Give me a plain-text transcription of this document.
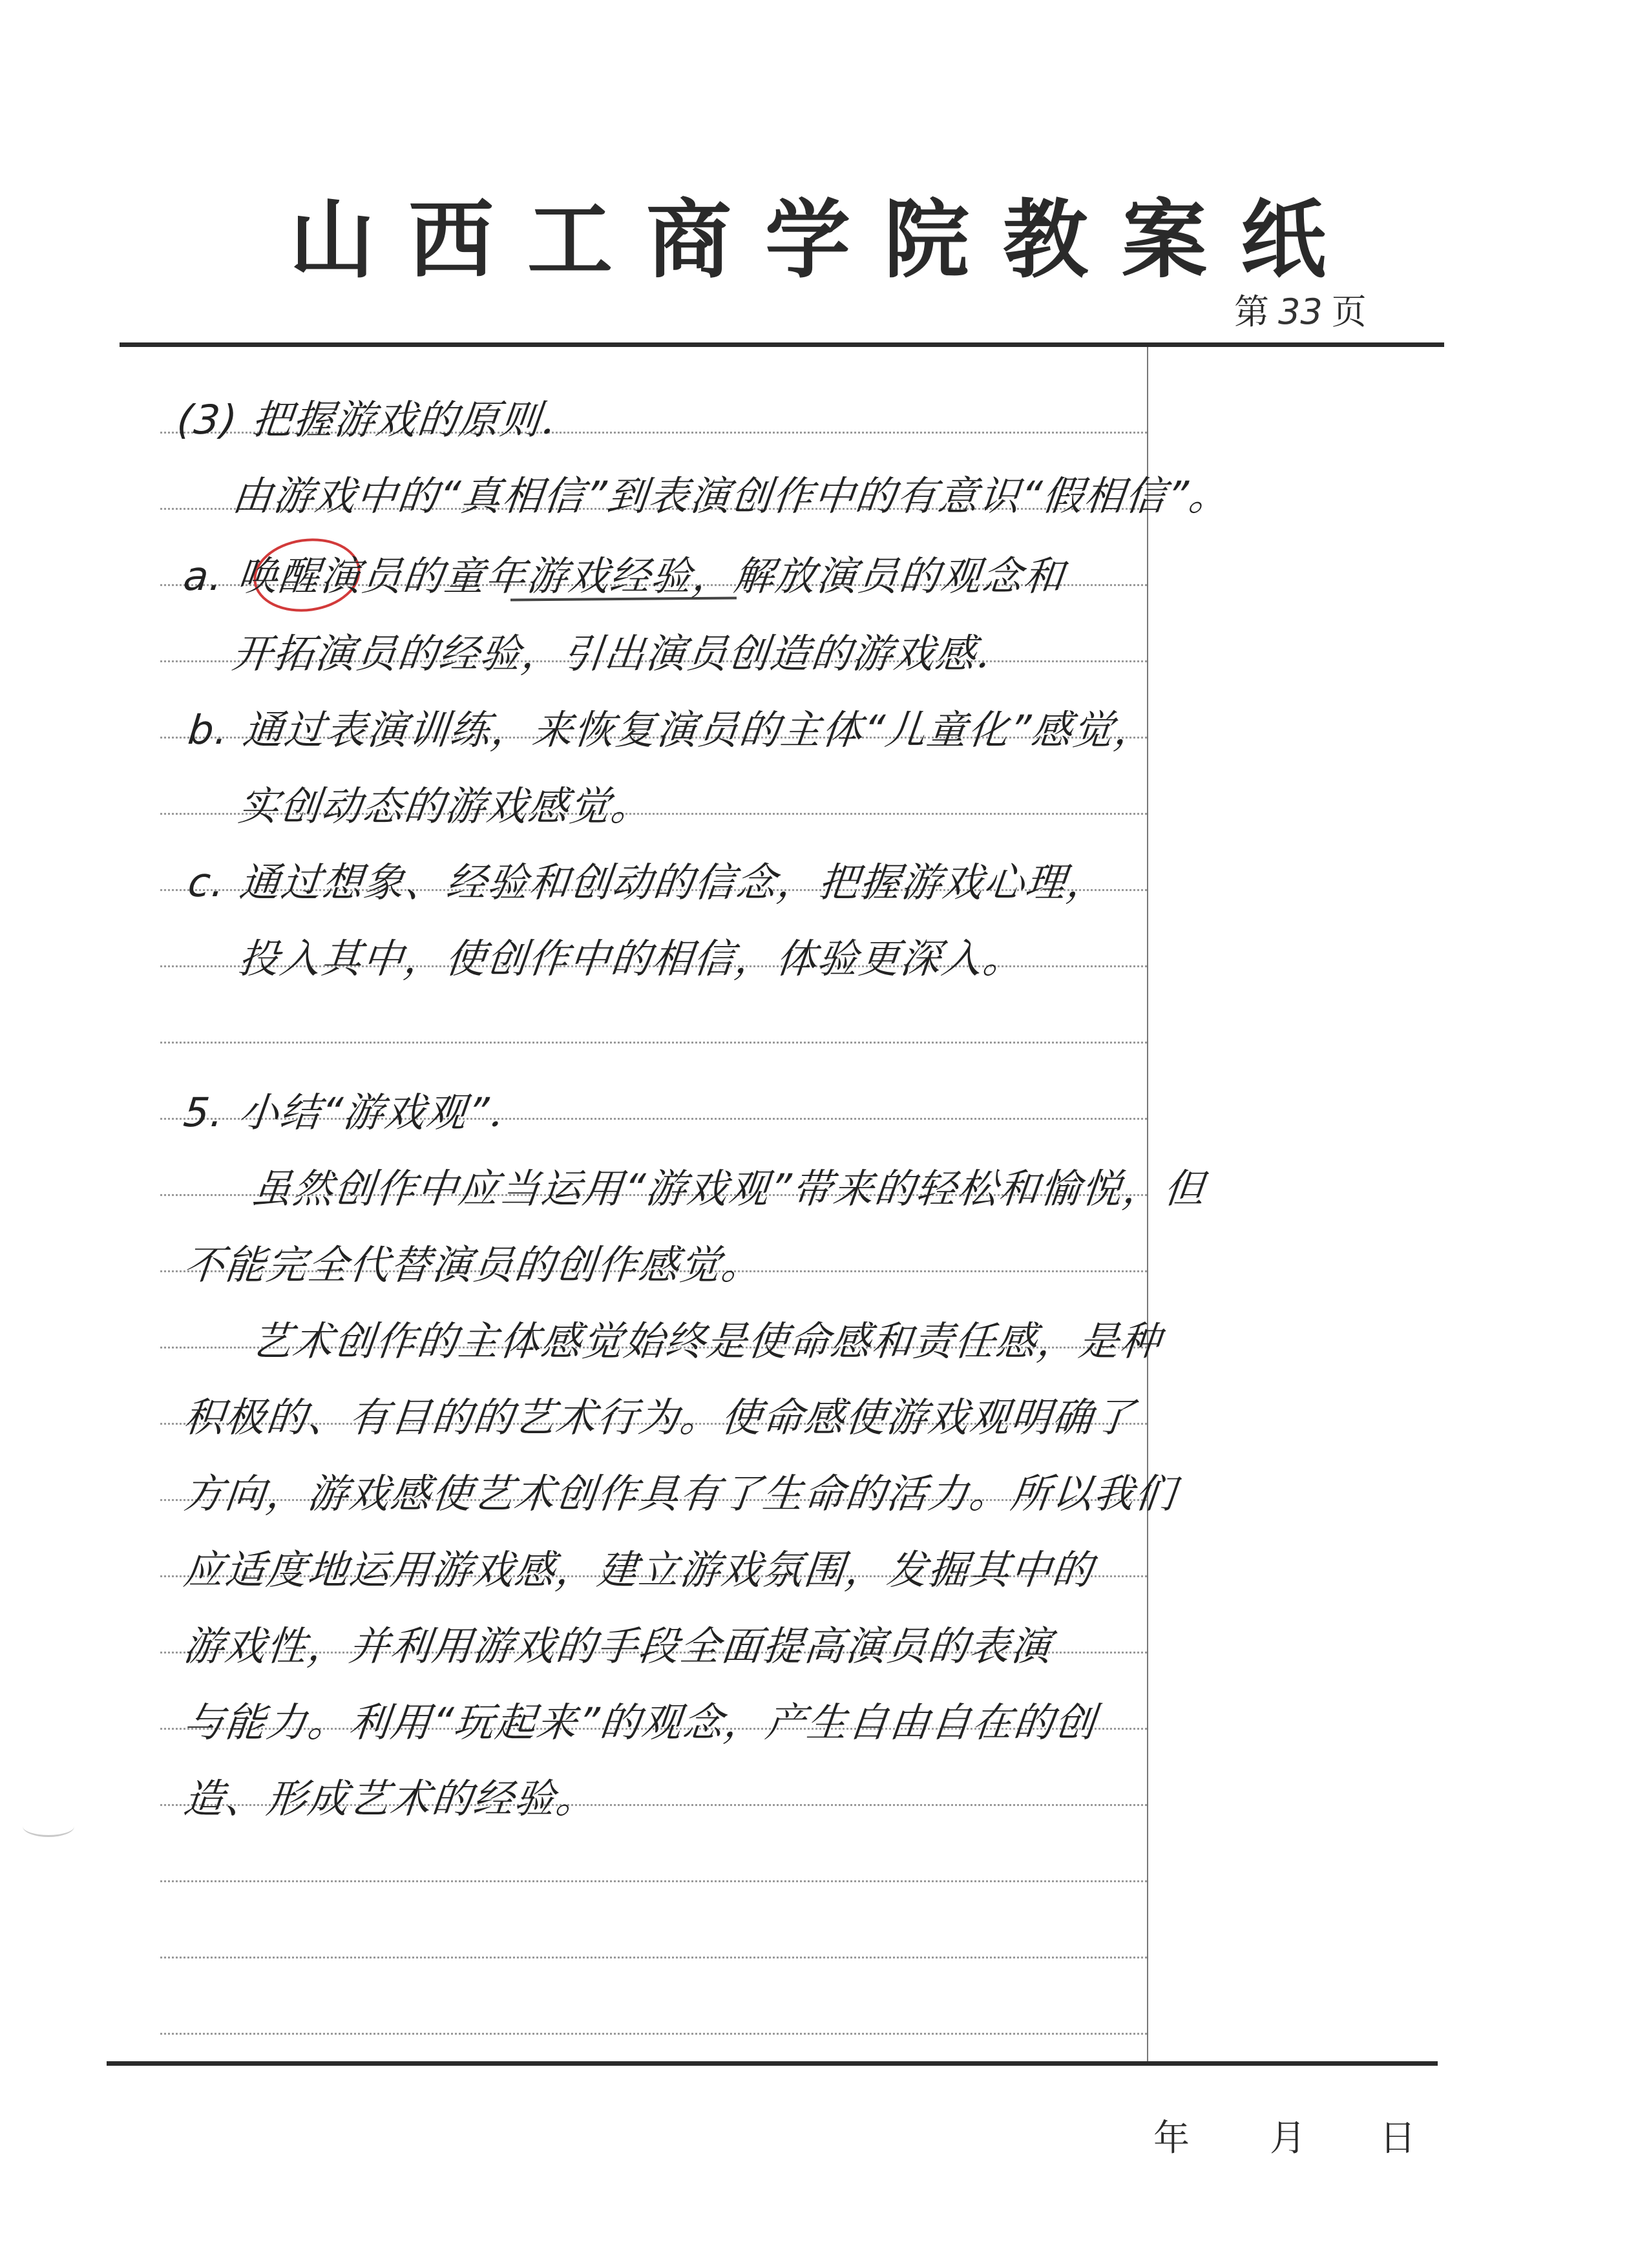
山西工商学院教案纸
第 33 页
(3) 把握游戏的原则．
由游戏中的“真相信”到表演创作中的有意识“假相信”。
a. 唤醒演员的童年游戏经验，解放演员的观念和
开拓演员的经验，引出演员创造的游戏感．
b. 通过表演训练，来恢复演员的主体“儿童化”感觉，
实创动态的游戏感觉。
c. 通过想象、经验和创动的信念，把握游戏心理，
投入其中，使创作中的相信，体验更深入。
5. 小结“游戏观”．
虽然创作中应当运用“游戏观”带来的轻松和愉悦，但
不能完全代替演员的创作感觉。
艺术创作的主体感觉始终是使命感和责任感，是种
积极的、有目的的艺术行为。使命感使游戏观明确了
方向，游戏感使艺术创作具有了生命的活力。所以我们
应适度地运用游戏感，建立游戏氛围，发掘其中的
游戏性，并利用游戏的手段全面提高演员的表演
与能力。利用“玩起来”的观念，产生自由自在的创
造、形成艺术的经验。
年 月 日
